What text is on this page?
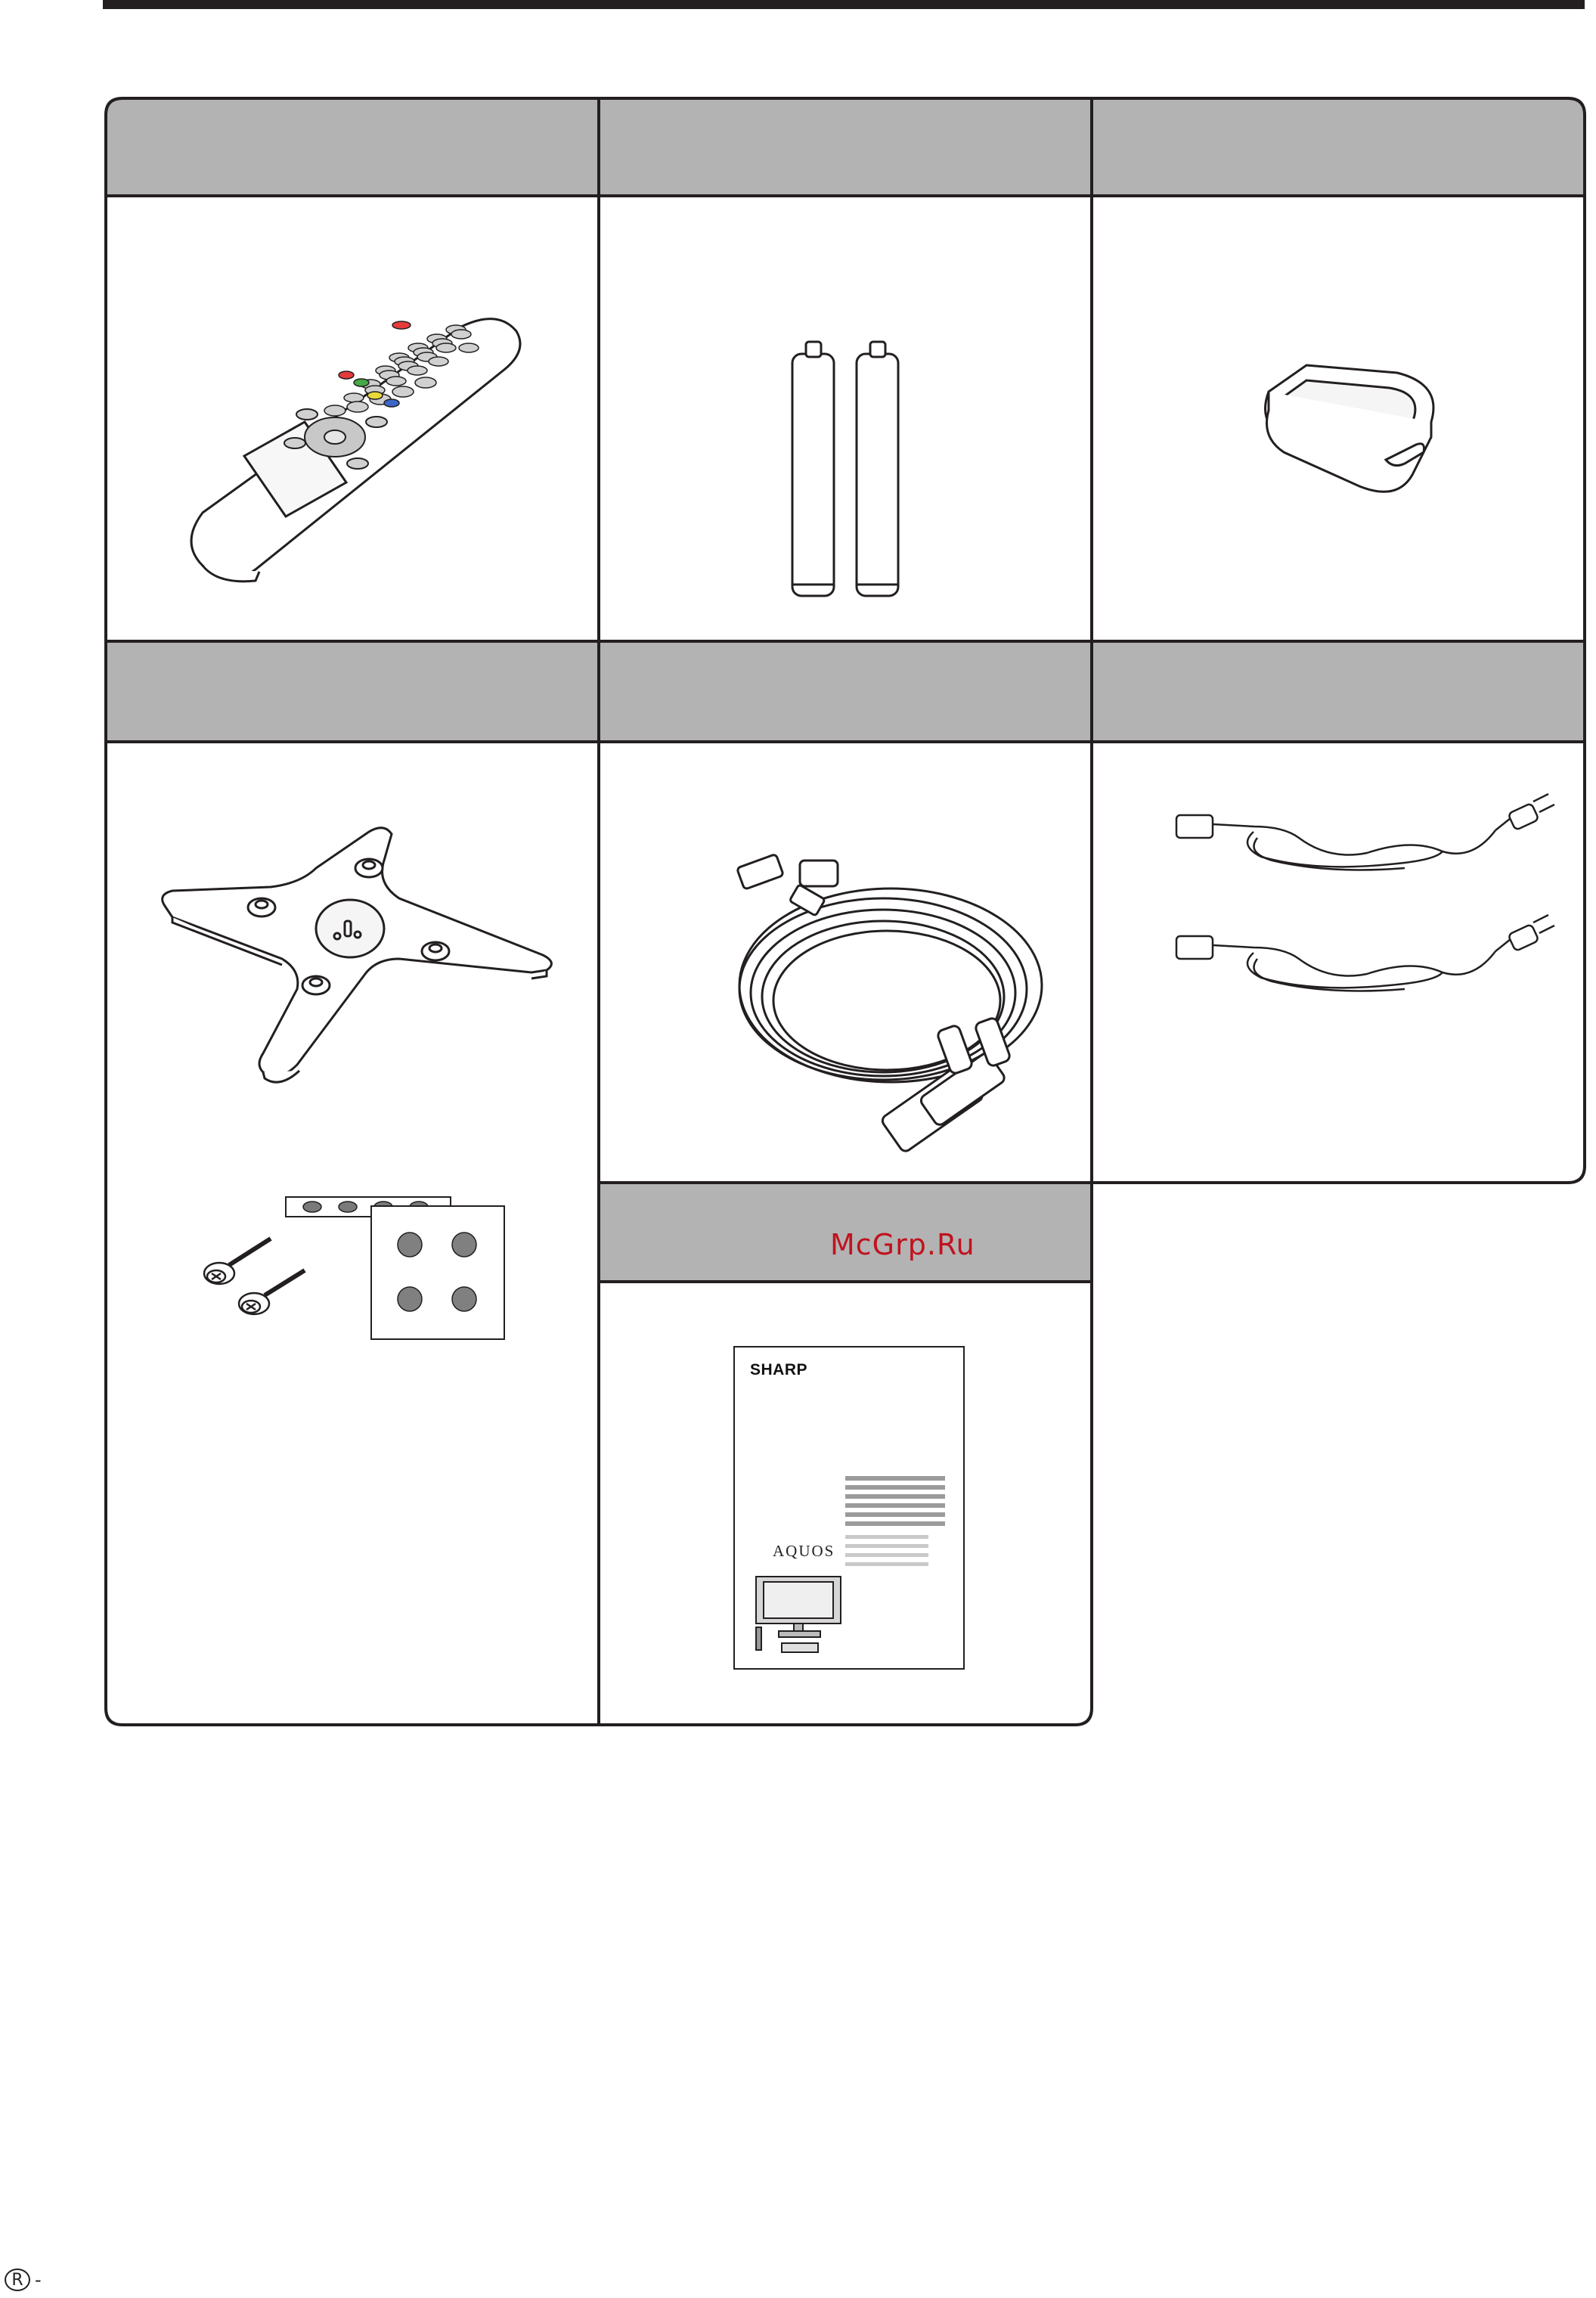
McGrp.Ru
SHARP
AQUOS
R -
